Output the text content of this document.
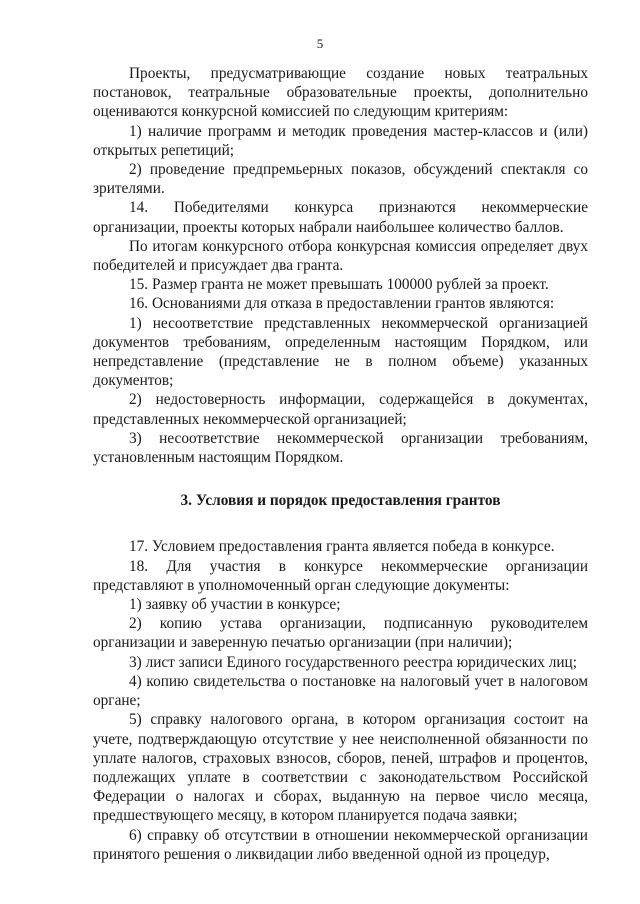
5

Проекты, предусматривающие создание новых театральных постановок, театральные образовательные проекты, дополнительно оцениваются конкурсной комиссией по следующим критериям:

1) наличие программ и методик проведения мастер-классов и (или) открытых репетиций;

2) проведение предпремьерных показов, обсуждений спектакля со зрителями.

14. Победителями конкурса признаются некоммерческие организации, проекты которых набрали наибольшее количество баллов.

По итогам конкурсного отбора конкурсная комиссия определяет двух победителей и присуждает два гранта.

15. Размер гранта не может превышать 100000 рублей за проект.

16. Основаниями для отказа в предоставлении грантов являются:

1) несоответствие представленных некоммерческой организацией документов требованиям, определенным настоящим Порядком, или непредставление (представление не в полном объеме) указанных документов;

2) недостоверность информации, содержащейся в документах, представленных некоммерческой организацией;

3) несоответствие некоммерческой организации требованиям, установленным настоящим Порядком.

3. Условия и порядок предоставления грантов

17. Условием предоставления гранта является победа в конкурсе.

18. Для участия в конкурсе некоммерческие организации представляют в уполномоченный орган следующие документы:

1) заявку об участии в конкурсе;

2) копию устава организации, подписанную руководителем организации и заверенную печатью организации (при наличии);

3) лист записи Единого государственного реестра юридических лиц;

4) копию свидетельства о постановке на налоговый учет в налоговом органе;

5) справку налогового органа, в котором организация состоит на учете, подтверждающую отсутствие у нее неисполненной обязанности по уплате налогов, страховых взносов, сборов, пеней, штрафов и процентов, подлежащих уплате в соответствии с законодательством Российской Федерации о налогах и сборах, выданную на первое число месяца, предшествующего месяцу, в котором планируется подача заявки;

6) справку об отсутствии в отношении некоммерческой организации принятого решения о ликвидации либо введенной одной из процедур,
